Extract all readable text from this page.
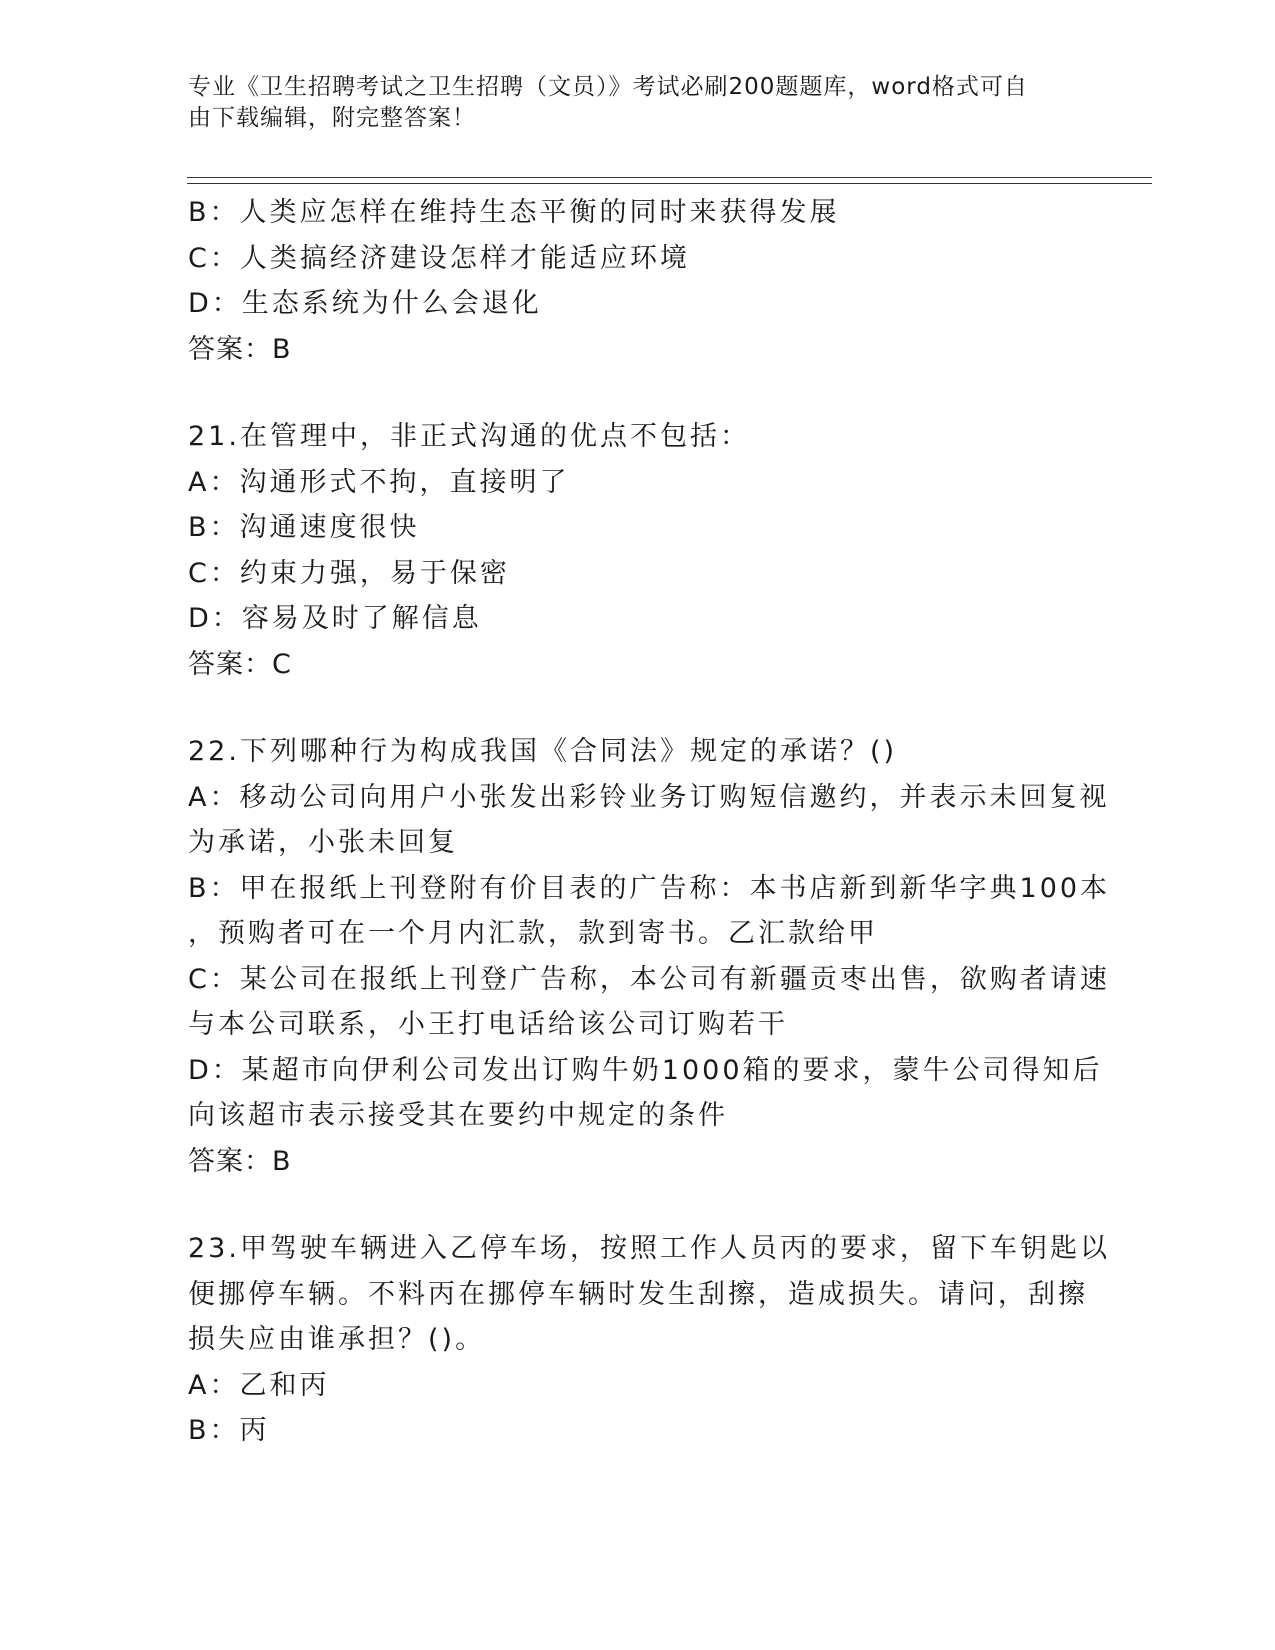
专业《卫生招聘考试之卫生招聘（文员）》考试必刷200题题库，word格式可自
由下载编辑，附完整答案！
B：人类应怎样在维持生态平衡的同时来获得发展
C：人类搞经济建设怎样才能适应环境
D：生态系统为什么会退化
答案：B
21.在管理中，非正式沟通的优点不包括：
A：沟通形式不拘，直接明了
B：沟通速度很快
C：约束力强，易于保密
D：容易及时了解信息
答案：C
22.下列哪种行为构成我国《合同法》规定的承诺？()
A：移动公司向用户小张发出彩铃业务订购短信邀约，并表示未回复视
为承诺，小张未回复
B：甲在报纸上刊登附有价目表的广告称：本书店新到新华字典100本
，预购者可在一个月内汇款，款到寄书。乙汇款给甲
C：某公司在报纸上刊登广告称，本公司有新疆贡枣出售，欲购者请速
与本公司联系，小王打电话给该公司订购若干
D：某超市向伊利公司发出订购牛奶1000箱的要求，蒙牛公司得知后
向该超市表示接受其在要约中规定的条件
答案：B
23.甲驾驶车辆进入乙停车场，按照工作人员丙的要求，留下车钥匙以
便挪停车辆。不料丙在挪停车辆时发生刮擦，造成损失。请问，刮擦
损失应由谁承担？()。
A：乙和丙
B：丙
